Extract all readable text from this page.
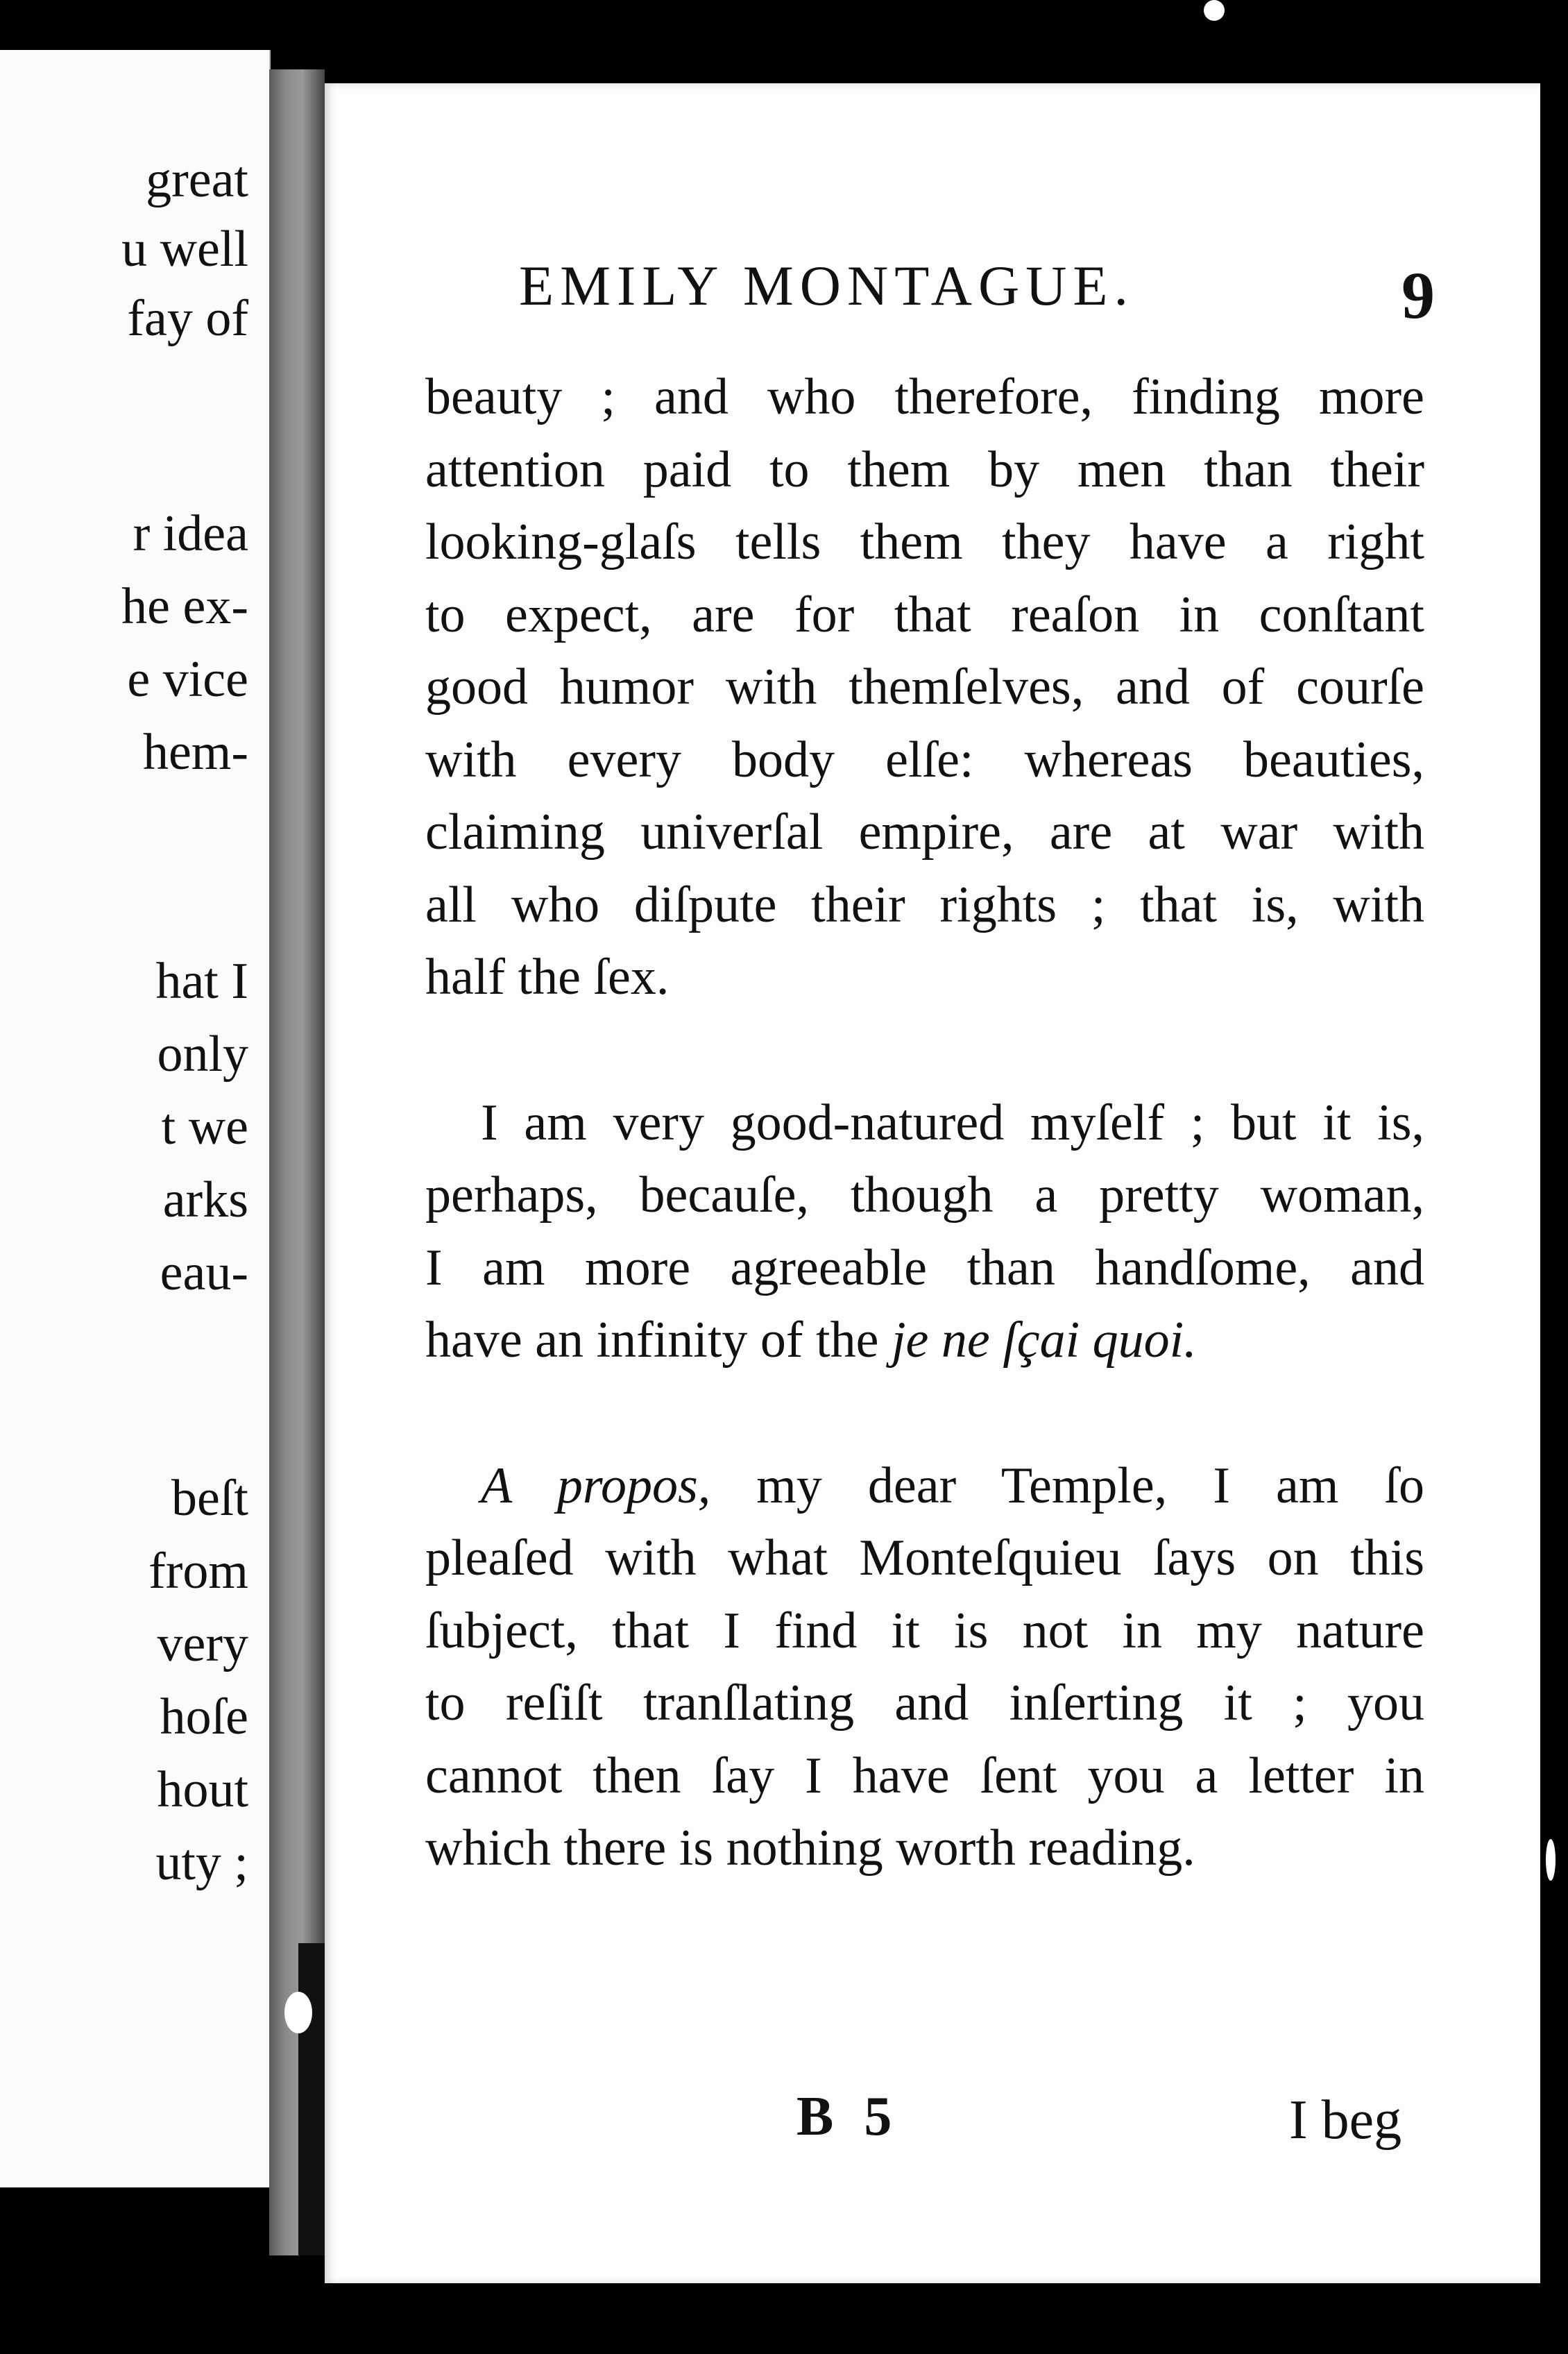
great
u well
fay of
r idea
he ex-
e vice
hem-
hat I
only
t we
arks
eau-
beſt
from
very
hoſe
hout
uty ;
EMILY MONTAGUE.	9

beauty ; and who therefore, finding more
attention paid to them by men than their
looking-glaſs tells them they have a right
to expect, are for that reaſon in conſtant
good humor with themſelves, and of courſe
with every body elſe: whereas beauties,
claiming univerſal empire, are at war with
all who diſpute their rights ; that is, with
half the ſex.

I am very good-natured myſelf ; but it is,

perhaps, becauſe, though a pretty woman,
I am more agreeable than handſome, and
have an infinity of the je ne ſçai quoi.

A propos, my dear Temple, I am ſo

pleaſed with what Monteſquieu ſays on this
ſubject, that I find it is not in my nature
to reſiſt tranſlating and inſerting it ; you
cannot then ſay I have ſent you a letter in
which there is nothing worth reading.

B 5	I beg
